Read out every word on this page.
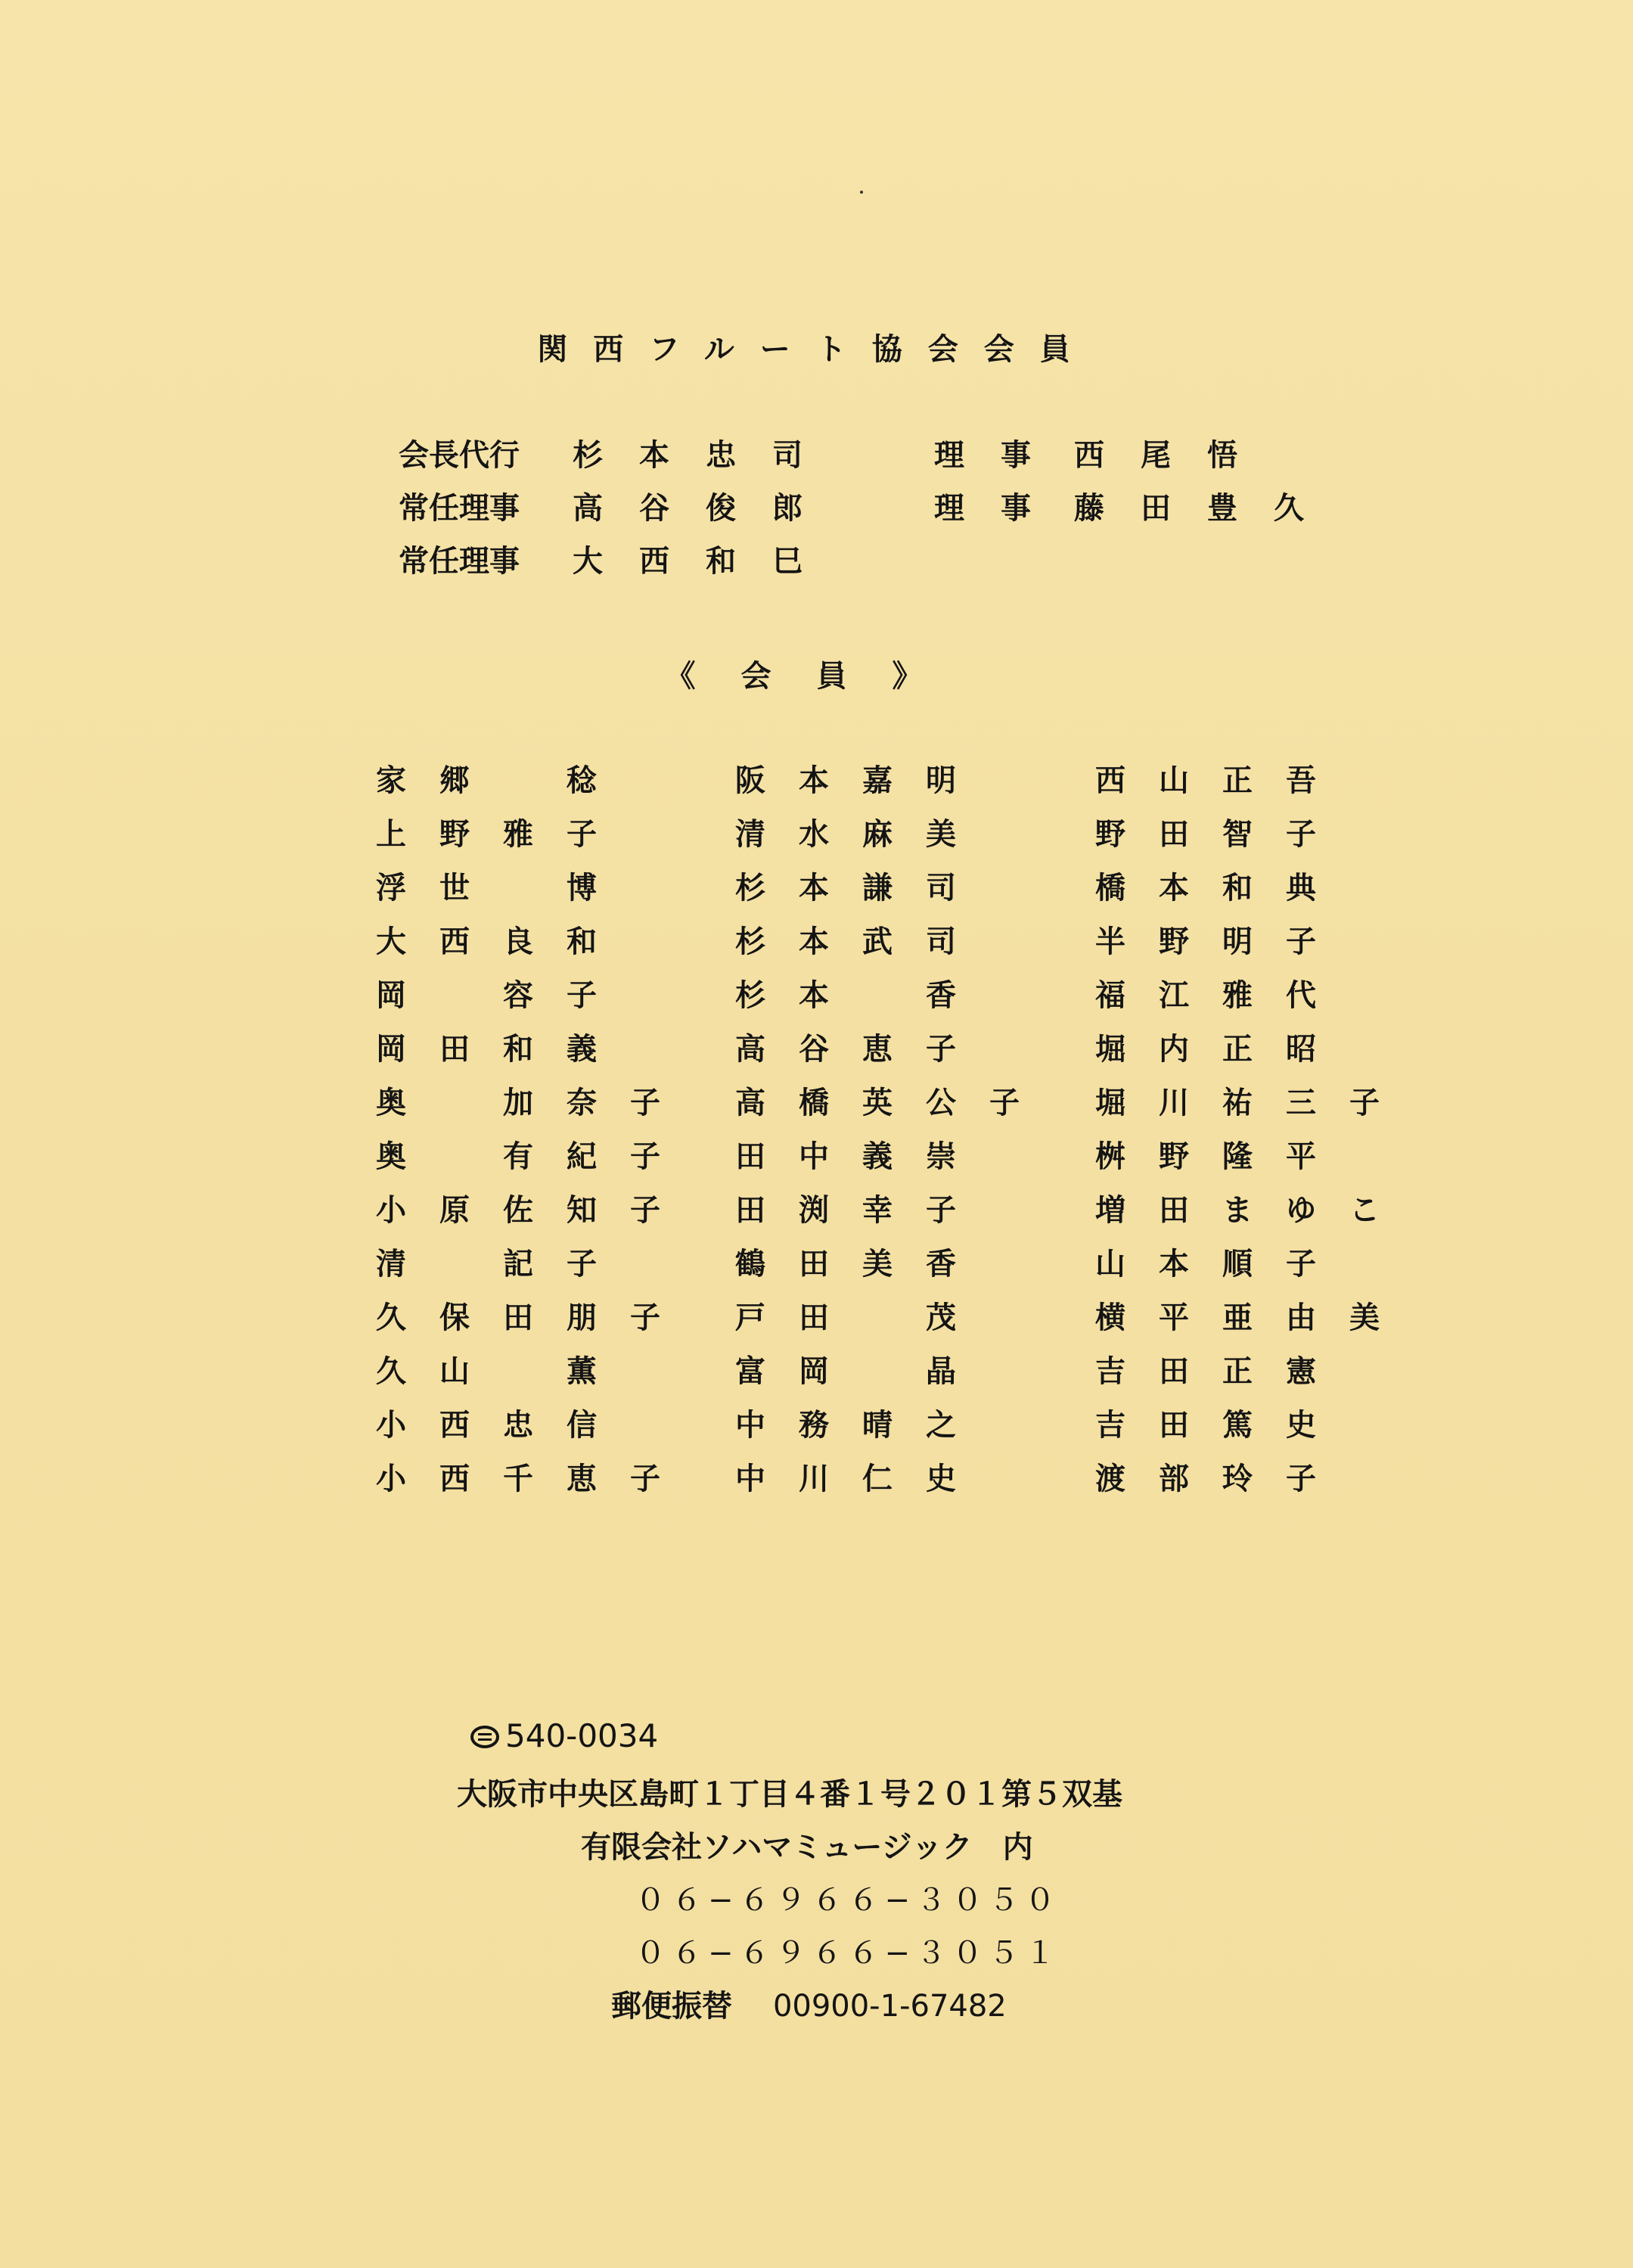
関西フルート協会会員
会長代行 杉本忠司
常任理事 高谷俊郎
常任理事 大西和巳
理事 西尾悟
理事 藤田豊久
《会員》
家郷　稔
上野雅子
浮世　博
大西良和
岡　容子
岡田和義
奥　加奈子
奥　有紀子
小原佐知子
清　記子
久保田朋子
久山　薫
小西忠信
小西千恵子
阪本嘉明
清水麻美
杉本謙司
杉本武司
杉本　香
高谷恵子
高橋英公子
田中義崇
田渕幸子
鶴田美香
戸田　茂
富岡　晶
中務晴之
中川仁史
西山正吾
野田智子
橋本和典
半野明子
福江雅代
堀内正昭
堀川祐三子
桝野隆平
増田まゆこ
山本順子
横平亜由美
吉田正憲
吉田篤史
渡部玲子
540-0034
大阪市中央区島町１丁目４番１号２０１第５双基
有限会社ソハマミュージック　内
０６−６９６６−３０５０
０６−６９６６−３０５１
郵便振替 00900-1-67482
